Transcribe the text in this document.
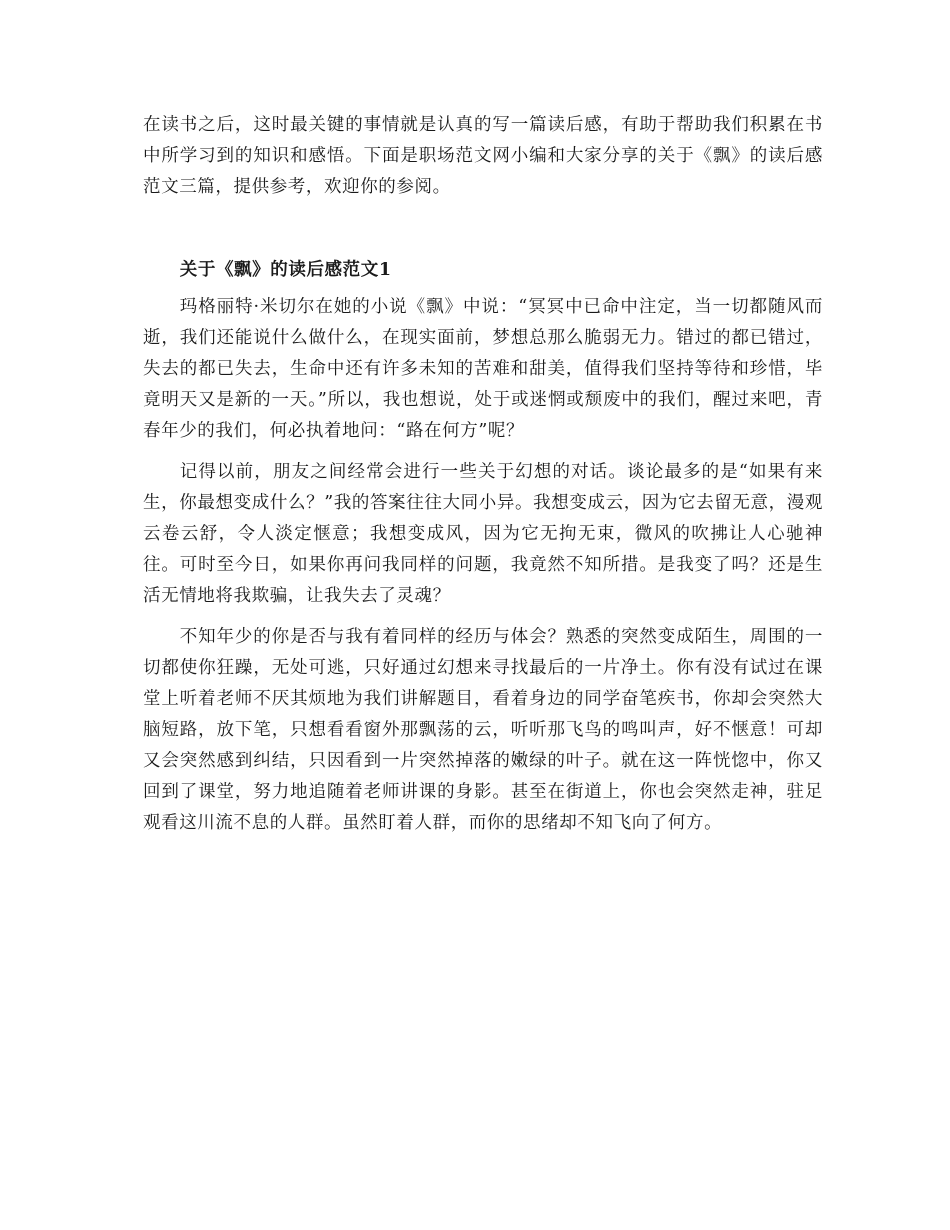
在读书之后，这时最关键的事情就是认真的写一篇读后感，有助于帮助我们积累在书中所学习到的知识和感悟。下面是职场范文网小编和大家分享的关于《飘》的读后感范文三篇，提供参考，欢迎你的参阅。

关于《飘》的读后感范文1

玛格丽特·米切尔在她的小说《飘》中说：“冥冥中已命中注定，当一切都随风而逝，我们还能说什么做什么，在现实面前，梦想总那么脆弱无力。错过的都已错过，失去的都已失去，生命中还有许多未知的苦难和甜美，值得我们坚持等待和珍惜，毕竟明天又是新的一天。”所以，我也想说，处于或迷惘或颓废中的我们，醒过来吧，青春年少的我们，何必执着地问：“路在何方”呢？

记得以前，朋友之间经常会进行一些关于幻想的对话。谈论最多的是“如果有来生，你最想变成什么？”我的答案往往大同小异。我想变成云，因为它去留无意，漫观云卷云舒，令人淡定惬意；我想变成风，因为它无拘无束，微风的吹拂让人心驰神往。可时至今日，如果你再问我同样的问题，我竟然不知所措。是我变了吗？还是生活无情地将我欺骗，让我失去了灵魂？

不知年少的你是否与我有着同样的经历与体会？熟悉的突然变成陌生，周围的一切都使你狂躁，无处可逃，只好通过幻想来寻找最后的一片净土。你有没有试过在课堂上听着老师不厌其烦地为我们讲解题目，看着身边的同学奋笔疾书，你却会突然大脑短路，放下笔，只想看看窗外那飘荡的云，听听那飞鸟的鸣叫声，好不惬意！可却又会突然感到纠结，只因看到一片突然掉落的嫩绿的叶子。就在这一阵恍惚中，你又回到了课堂，努力地追随着老师讲课的身影。甚至在街道上，你也会突然走神，驻足观看这川流不息的人群。虽然盯着人群，而你的思绪却不知飞向了何方。
